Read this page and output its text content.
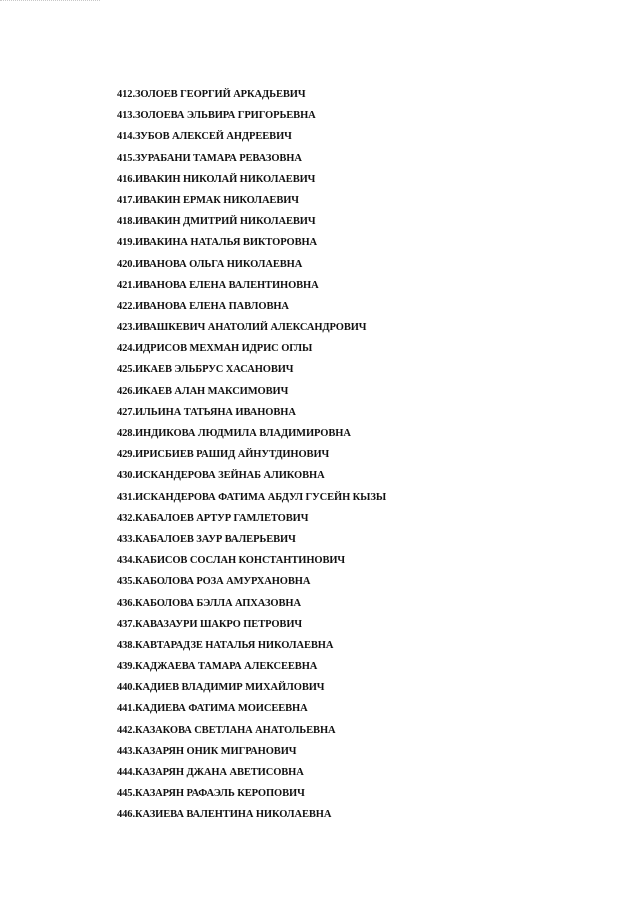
412.ЗОЛОЕВ ГЕОРГИЙ АРКАДЬЕВИЧ
413.ЗОЛОЕВА ЭЛЬВИРА ГРИГОРЬЕВНА
414.ЗУБОВ АЛЕКСЕЙ АНДРЕЕВИЧ
415.ЗУРАБАНИ ТАМАРА РЕВАЗОВНА
416.ИВАКИН НИКОЛАЙ НИКОЛАЕВИЧ
417.ИВАКИН ЕРМАК НИКОЛАЕВИЧ
418.ИВАКИН ДМИТРИЙ НИКОЛАЕВИЧ
419.ИВАКИНА НАТАЛЬЯ ВИКТОРОВНА
420.ИВАНОВА ОЛЬГА НИКОЛАЕВНА
421.ИВАНОВА ЕЛЕНА ВАЛЕНТИНОВНА
422.ИВАНОВА ЕЛЕНА ПАВЛОВНА
423.ИВАШКЕВИЧ АНАТОЛИЙ АЛЕКСАНДРОВИЧ
424.ИДРИСОВ МЕХМАН ИДРИС ОГЛЫ
425.ИКАЕВ ЭЛЬБРУС ХАСАНОВИЧ
426.ИКАЕВ АЛАН МАКСИМОВИЧ
427.ИЛЬИНА ТАТЬЯНА ИВАНОВНА
428.ИНДИКОВА ЛЮДМИЛА ВЛАДИМИРОВНА
429.ИРИСБИЕВ РАШИД АЙНУТДИНОВИЧ
430.ИСКАНДЕРОВА ЗЕЙНАБ АЛИКОВНА
431.ИСКАНДЕРОВА ФАТИМА АБДУЛ ГУСЕЙН КЫЗЫ
432.КАБАЛОЕВ АРТУР ГАМЛЕТОВИЧ
433.КАБАЛОЕВ ЗАУР ВАЛЕРЬЕВИЧ
434.КАБИСОВ СОСЛАН КОНСТАНТИНОВИЧ
435.КАБОЛОВА РОЗА АМУРХАНОВНА
436.КАБОЛОВА БЭЛЛА АПХАЗОВНА
437.КАВАЗАУРИ ШАКРО ПЕТРОВИЧ
438.КАВТАРАДЗЕ НАТАЛЬЯ НИКОЛАЕВНА
439.КАДЖАЕВА ТАМАРА АЛЕКСЕЕВНА
440.КАДИЕВ ВЛАДИМИР МИХАЙЛОВИЧ
441.КАДИЕВА ФАТИМА МОИСЕЕВНА
442.КАЗАКОВА СВЕТЛАНА АНАТОЛЬЕВНА
443.КАЗАРЯН ОНИК МИГРАНОВИЧ
444.КАЗАРЯН ДЖАНА АВЕТИСОВНА
445.КАЗАРЯН РАФАЭЛЬ КЕРОПОВИЧ
446.КАЗИЕВА ВАЛЕНТИНА НИКОЛАЕВНА
